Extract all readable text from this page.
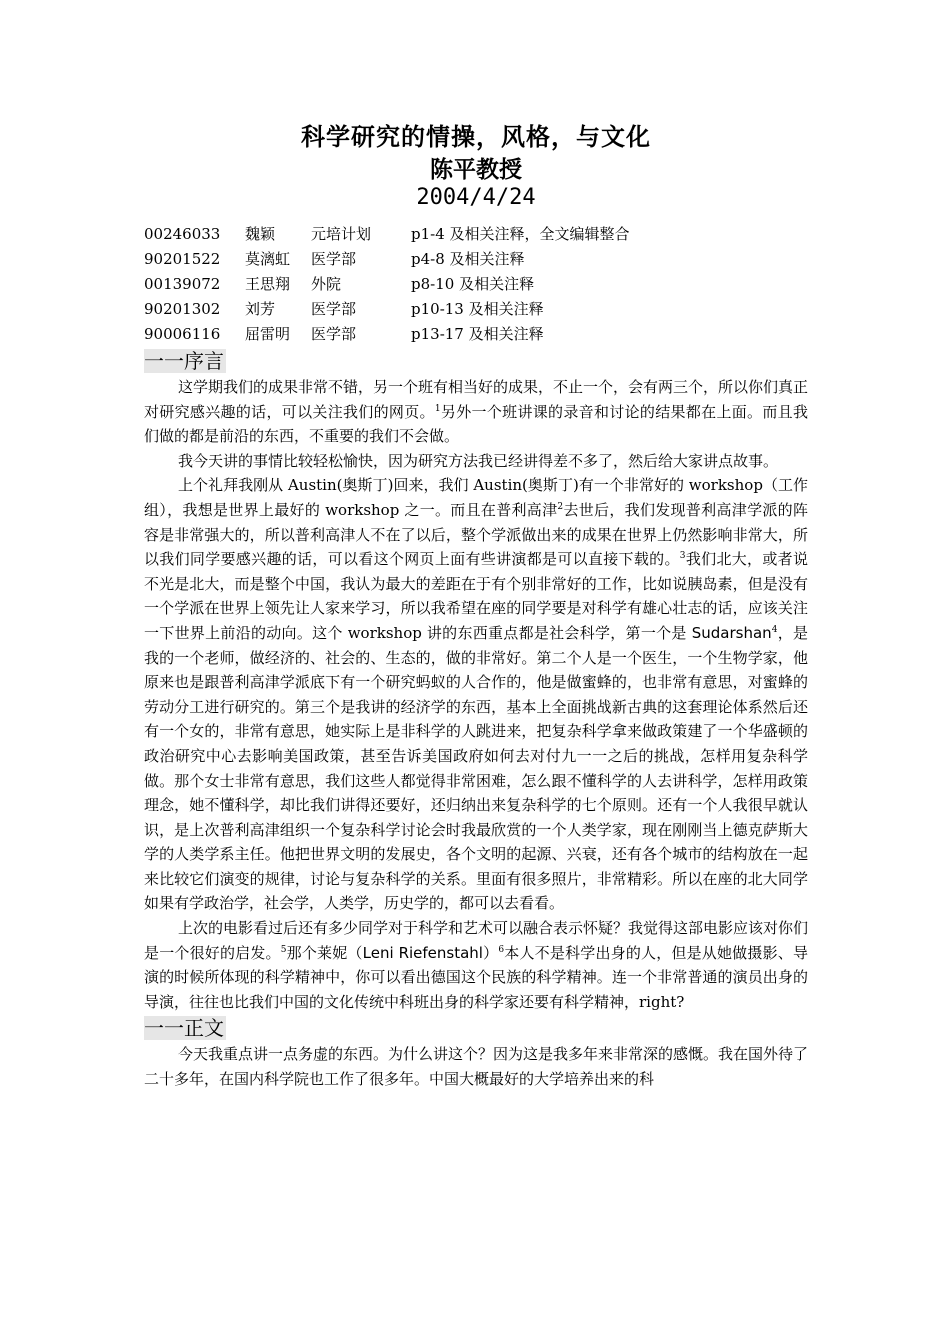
科学研究的情操，风格，与文化
陈平教授
2004/4/24
00246033	魏颖	元培计划	p1-4 及相关注释，全文编辑整合
90201522	莫漓虹	医学部	p4-8 及相关注释
00139072	王思翔	外院	p8-10 及相关注释
90201302	刘芳	医学部	p10-13 及相关注释
90006116	屈雷明	医学部	p13-17 及相关注释
一一序言

这学期我们的成果非常不错，另一个班有相当好的成果，不止一个，会有两三个，所以你们真正对研究感兴趣的话，可以关注我们的网页。$^1$另外一个班讲课的录音和讨论的结果都在上面。而且我们做的都是前沿的东西，不重要的我们不会做。

我今天讲的事情比较轻松愉快，因为研究方法我已经讲得差不多了，然后给大家讲点故事。

上个礼拜我刚从 Austin(奥斯丁)回来，我们 Austin(奥斯丁)有一个非常好的 workshop（工作组），我想是世界上最好的 workshop 之一。而且在普利高津$^2$去世后，我们发现普利高津学派的阵容是非常强大的，所以普利高津人不在了以后，整个学派做出来的成果在世界上仍然影响非常大，所以我们同学要感兴趣的话，可以看这个网页上面有些讲演都是可以直接下载的。$^3$我们北大，或者说不光是北大，而是整个中国，我认为最大的差距在于有个别非常好的工作，比如说胰岛素，但是没有一个学派在世界上领先让人家来学习，所以我希望在座的同学要是对科学有雄心壮志的话，应该关注一下世界上前沿的动向。这个 workshop 讲的东西重点都是社会科学，第一个是 Sudarshan$^4$，是我的一个老师，做经济的、社会的、生态的，做的非常好。第二个人是一个医生，一个生物学家，他原来也是跟普利高津学派底下有一个研究蚂蚁的人合作的，他是做蜜蜂的，也非常有意思，对蜜蜂的劳动分工进行研究的。第三个是我讲的经济学的东西，基本上全面挑战新古典的这套理论体系然后还有一个女的，非常有意思，她实际上是非科学的人跳进来，把复杂科学拿来做政策建了一个华盛顿的政治研究中心去影响美国政策，甚至告诉美国政府如何去对付九一一之后的挑战，怎样用复杂科学做。那个女士非常有意思，我们这些人都觉得非常困难，怎么跟不懂科学的人去讲科学，怎样用政策理念，她不懂科学，却比我们讲得还要好，还归纳出来复杂科学的七个原则。还有一个人我很早就认识，是上次普利高津组织一个复杂科学讨论会时我最欣赏的一个人类学家，现在刚刚当上德克萨斯大学的人类学系主任。他把世界文明的发展史，各个文明的起源、兴衰，还有各个城市的结构放在一起来比较它们演变的规律，讨论与复杂科学的关系。里面有很多照片，非常精彩。所以在座的北大同学如果有学政治学，社会学，人类学，历史学的，都可以去看看。

上次的电影看过后还有多少同学对于科学和艺术可以融合表示怀疑？我觉得这部电影应该对你们是一个很好的启发。$^5$那个莱妮（Leni Riefenstahl）$^6$本人不是科学出身的人，但是从她做摄影、导演的时候所体现的科学精神中，你可以看出德国这个民族的科学精神。连一个非常普通的演员出身的导演，往往也比我们中国的文化传统中科班出身的科学家还要有科学精神，right?

一一正文

今天我重点讲一点务虚的东西。为什么讲这个？因为这是我多年来非常深的感慨。我在国外待了二十多年，在国内科学院也工作了很多年。中国大概最好的大学培养出来的科
